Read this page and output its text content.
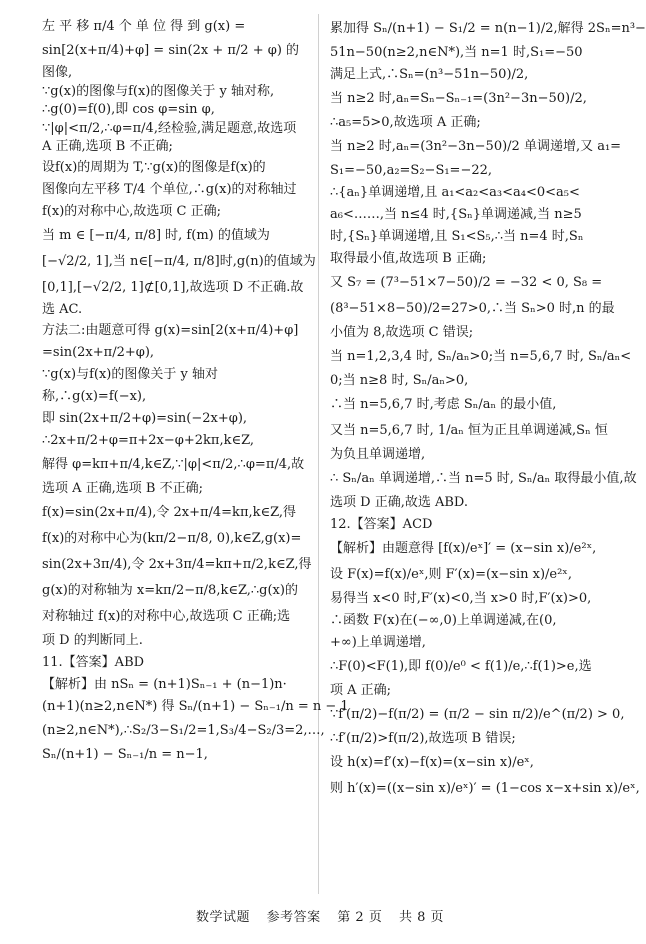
左 平 移 π/4 个 单 位 得 到 g(x) =
sin[2(x+π/4)+φ] = sin(2x + π/2 + φ) 的
图像,
∵g(x)的图像与f(x)的图像关于 y 轴对称,
∴g(0)=f(0),即 cos φ=sin φ,
∵|φ|<π/2,∴φ=π/4,经检验,满足题意,故选项
A 正确,选项 B 不正确;
设f(x)的周期为 T,∵g(x)的图像是f(x)的
图像向左平移 T/4 个单位,∴g(x)的对称轴过
f(x)的对称中心,故选项 C 正确;
当 m ∈ [−π/4, π/8] 时, f(m) 的值域为
[−√2/2, 1],当 n∈[−π/4, π/8]时,g(n)的值域为
[0,1],[−√2/2, 1]⊄[0,1],故选项 D 不正确.故
选 AC.
方法二:由题意可得 g(x)=sin[2(x+π/4)+φ]
=sin(2x+π/2+φ),
∵g(x)与f(x)的图像关于 y 轴对
称,∴g(x)=f(−x),
即 sin(2x+π/2+φ)=sin(−2x+φ),
∴2x+π/2+φ=π+2x−φ+2kπ,k∈Z,
解得 φ=kπ+π/4,k∈Z,∵|φ|<π/2,∴φ=π/4,故
选项 A 正确,选项 B 不正确;
f(x)=sin(2x+π/4),令 2x+π/4=kπ,k∈Z,得
f(x)的对称中心为(kπ/2−π/8, 0),k∈Z,g(x)=
sin(2x+3π/4),令 2x+3π/4=kπ+π/2,k∈Z,得
g(x)的对称轴为 x=kπ/2−π/8,k∈Z,∴g(x)的
对称轴过 f(x)的对称中心,故选项 C 正确;选
项 D 的判断同上.
11.【答案】ABD
【解析】由 nSₙ = (n+1)Sₙ₋₁ + (n−1)n·
(n+1)(n≥2,n∈N*) 得 Sₙ/(n+1) − Sₙ₋₁/n = n − 1
(n≥2,n∈N*),∴S₂/3−S₁/2=1,S₃/4−S₂/3=2,…,
Sₙ/(n+1) − Sₙ₋₁/n = n−1,
累加得 Sₙ/(n+1) − S₁/2 = n(n−1)/2,解得 2Sₙ=n³−
51n−50(n≥2,n∈N*),当 n=1 时,S₁=−50
满足上式,∴Sₙ=(n³−51n−50)/2,
当 n≥2 时,aₙ=Sₙ−Sₙ₋₁=(3n²−3n−50)/2,
∴a₅=5>0,故选项 A 正确;
当 n≥2 时,aₙ=(3n²−3n−50)/2 单调递增,又 a₁=
S₁=−50,a₂=S₂−S₁=−22,
∴{aₙ}单调递增,且 a₁<a₂<a₃<a₄<0<a₅<
a₆<……,当 n≤4 时,{Sₙ}单调递减,当 n≥5
时,{Sₙ}单调递增,且 S₁<S₅,∴当 n=4 时,Sₙ
取得最小值,故选项 B 正确;
又 S₇ = (7³−51×7−50)/2 = −32 < 0, S₈ =
(8³−51×8−50)/2=27>0,∴当 Sₙ>0 时,n 的最
小值为 8,故选项 C 错误;
当 n=1,2,3,4 时, Sₙ/aₙ>0;当 n=5,6,7 时, Sₙ/aₙ<
0;当 n≥8 时, Sₙ/aₙ>0,
∴当 n=5,6,7 时,考虑 Sₙ/aₙ 的最小值,
又当 n=5,6,7 时, 1/aₙ 恒为正且单调递减,Sₙ 恒
为负且单调递增,
∴ Sₙ/aₙ 单调递增,∴当 n=5 时, Sₙ/aₙ 取得最小值,故
选项 D 正确,故选 ABD.
12.【答案】ACD
【解析】由题意得 [f(x)/eˣ]′ = (x−sin x)/e²ˣ,
设 F(x)=f(x)/eˣ,则 F′(x)=(x−sin x)/e²ˣ,
易得当 x<0 时,F′(x)<0,当 x>0 时,F′(x)>0,
∴函数 F(x)在(−∞,0)上单调递减,在(0,
+∞)上单调递增,
∴F(0)<F(1),即 f(0)/e⁰ < f(1)/e,∴f(1)>e,选
项 A 正确;
∵f′(π/2)−f(π/2) = (π/2 − sin π/2)/e^(π/2) > 0,
∴f′(π/2)>f(π/2),故选项 B 错误;
设 h(x)=f′(x)−f(x)=(x−sin x)/eˣ,
则 h′(x)=((x−sin x)/eˣ)′ = (1−cos x−x+sin x)/eˣ,
数学试题 参考答案 第 2 页 共 8 页
